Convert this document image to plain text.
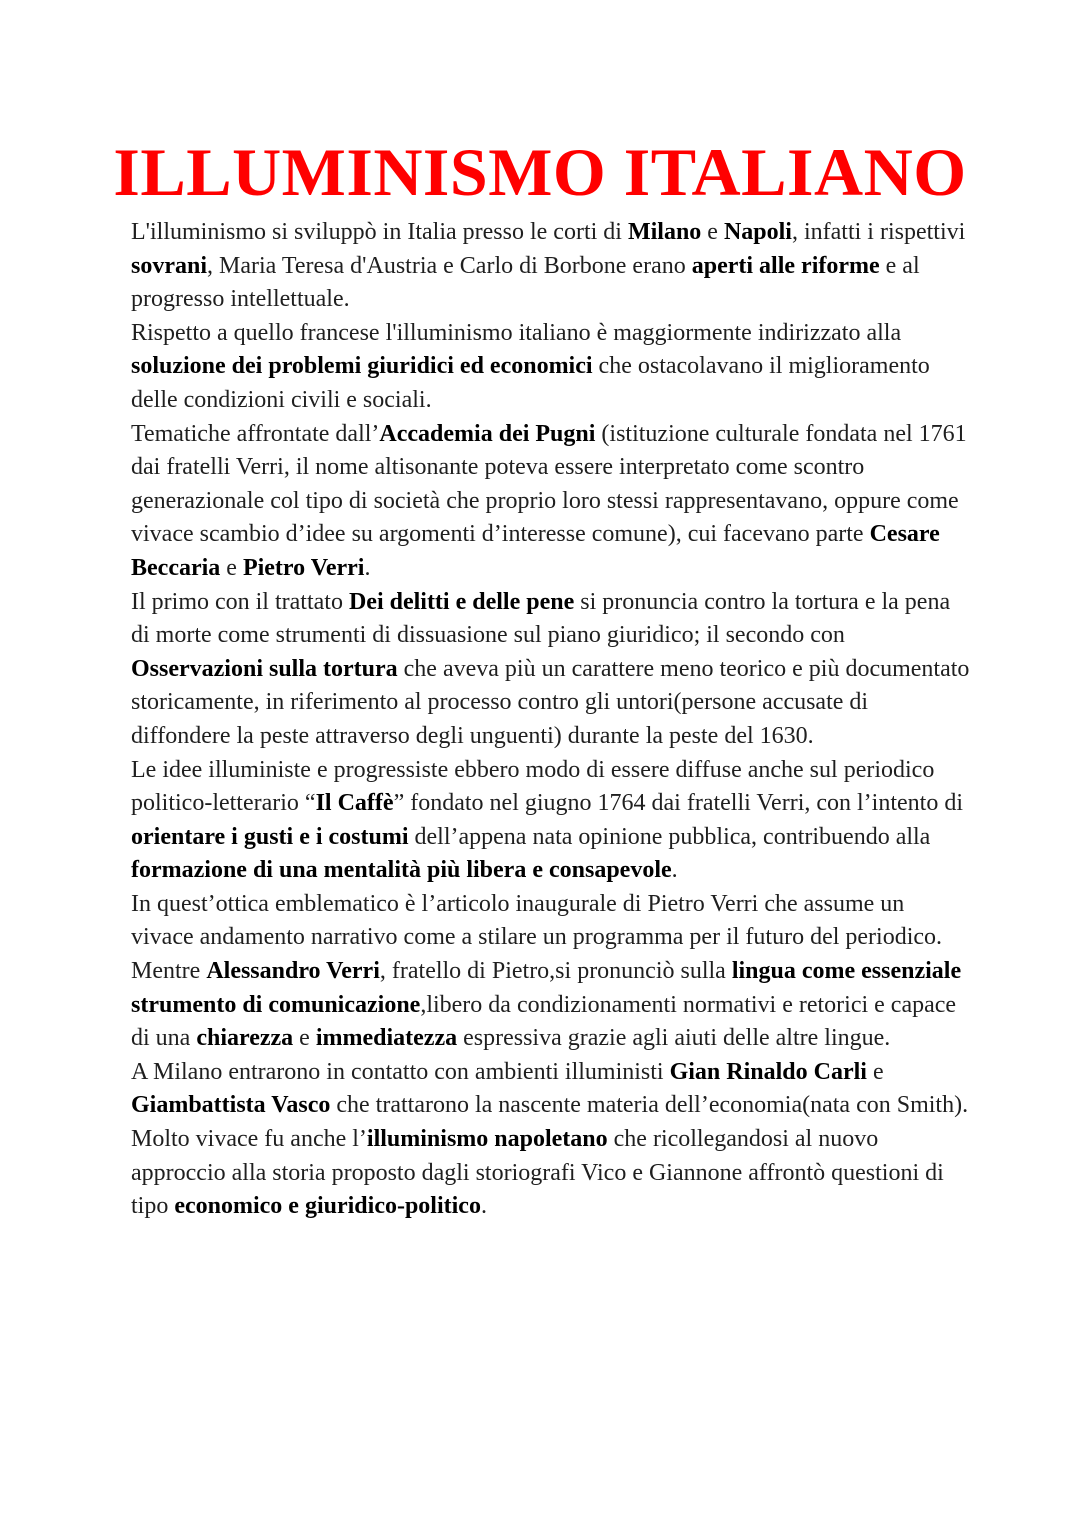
ILLUMINISMO ITALIANO

L'illuminismo si sviluppò in Italia presso le corti di Milano e Napoli, infatti i rispettivi sovrani, Maria Teresa d'Austria e Carlo di Borbone erano aperti alle riforme e al progresso intellettuale.

Rispetto a quello francese l'illuminismo italiano è maggiormente indirizzato alla soluzione dei problemi giuridici ed economici che ostacolavano il miglioramento delle condizioni civili e sociali.

Tematiche affrontate dall’Accademia dei Pugni (istituzione culturale fondata nel 1761 dai fratelli Verri, il nome altisonante poteva essere interpretato come scontro generazionale col tipo di società che proprio loro stessi rappresentavano, oppure come vivace scambio d’idee su argomenti d’interesse comune), cui facevano parte Cesare Beccaria e Pietro Verri.

Il primo con il trattato Dei delitti e delle pene si pronuncia contro la tortura e la pena di morte come strumenti di dissuasione sul piano giuridico; il secondo con Osservazioni sulla tortura che aveva più un carattere meno teorico e più documentato storicamente, in riferimento al processo contro gli untori(persone accusate di diffondere la peste attraverso degli unguenti) durante la peste del 1630.

Le idee illuministe e progressiste ebbero modo di essere diffuse anche sul periodico politico-letterario “Il Caffè” fondato nel giugno 1764 dai fratelli Verri, con l’intento di orientare i gusti e i costumi dell’appena nata opinione pubblica, contribuendo alla formazione di una mentalità più libera e consapevole.

In quest’ottica emblematico è l’articolo inaugurale di Pietro Verri che assume un vivace andamento narrativo come a stilare un programma per il futuro del periodico. Mentre Alessandro Verri, fratello di Pietro,si pronunciò sulla lingua come essenziale strumento di comunicazione,libero da condizionamenti normativi e retorici e capace di una chiarezza e immediatezza espressiva grazie agli aiuti delle altre lingue.

A Milano entrarono in contatto con ambienti illuministi Gian Rinaldo Carli e Giambattista Vasco che trattarono la nascente materia dell’economia(nata con Smith).

Molto vivace fu anche l’illuminismo napoletano che ricollegandosi al nuovo approccio alla storia proposto dagli storiografi Vico e Giannone affrontò questioni di tipo economico e giuridico-politico.
